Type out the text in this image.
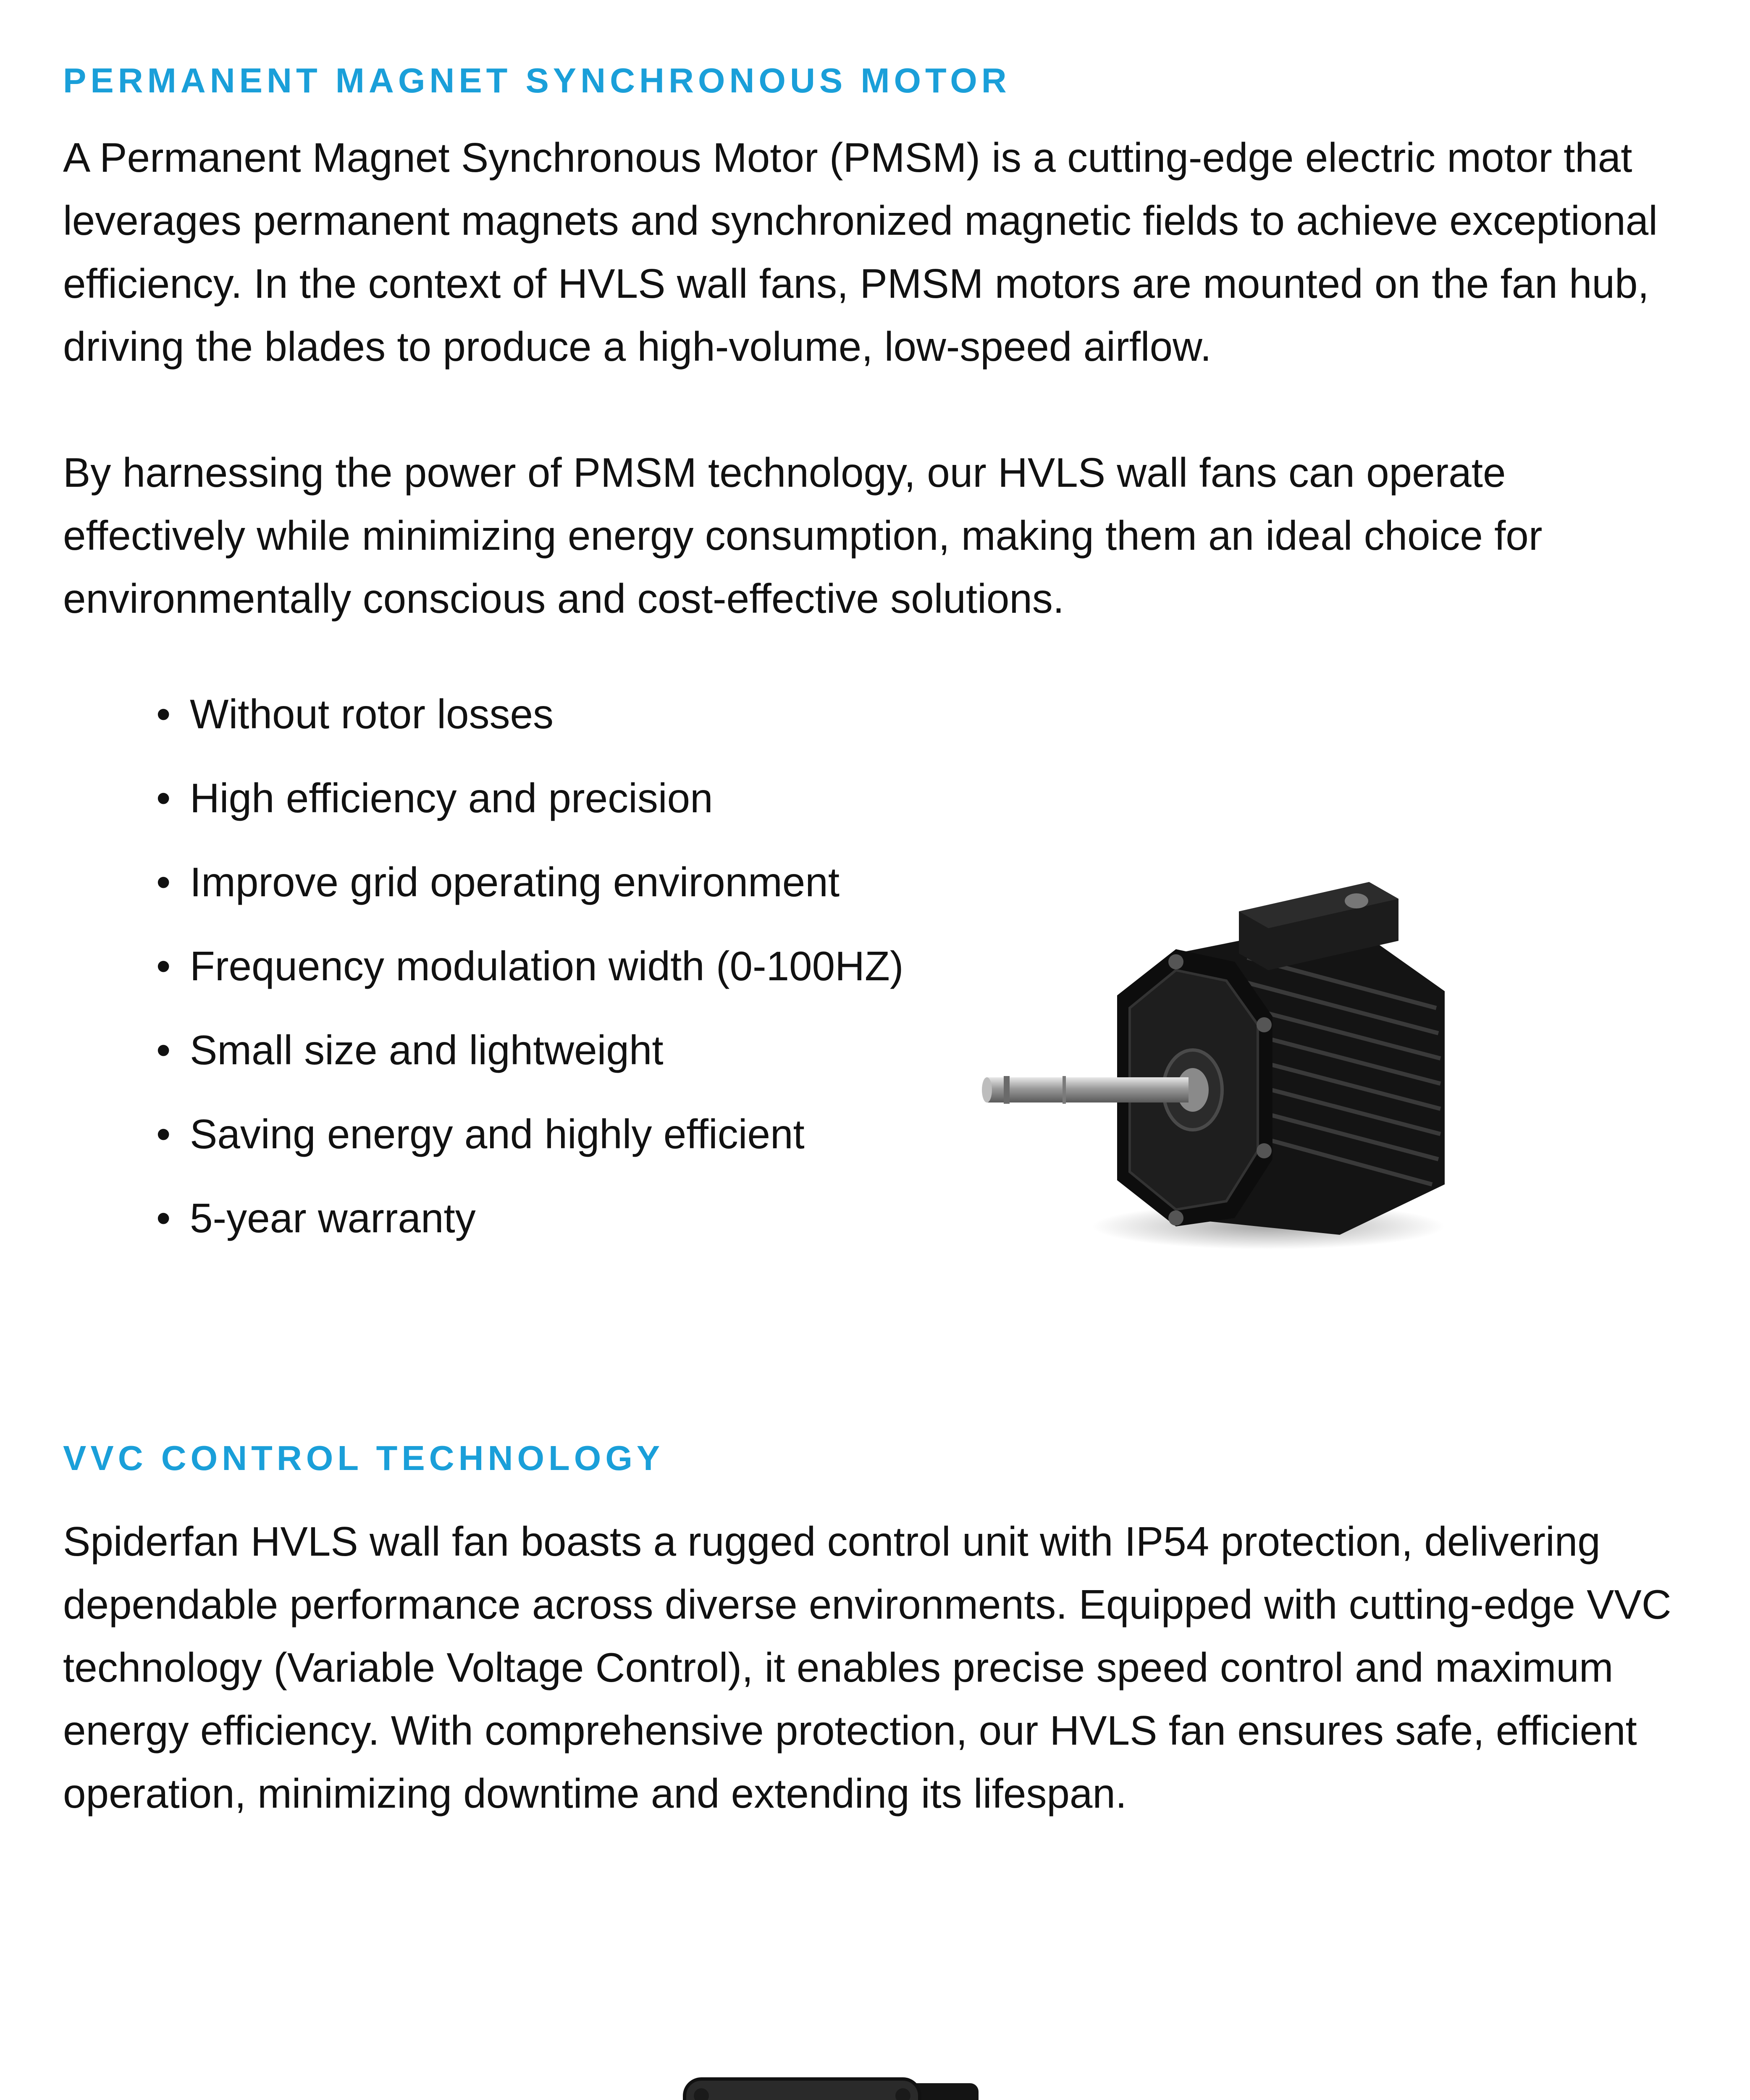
PERMANENT MAGNET SYNCHRONOUS MOTOR

A Permanent Magnet Synchronous Motor (PMSM) is a cutting-edge electric motor that leverages permanent magnets and synchronized magnetic fields to achieve exceptional efficiency. In the context of HVLS wall fans, PMSM motors are mounted on the fan hub, driving the blades to produce a high-volume, low-speed airflow.

By harnessing the power of PMSM technology, our HVLS wall fans can operate effectively while minimizing energy consumption, making them an ideal choice for environmentally conscious and cost-effective solutions.

• Without rotor losses
• High efficiency and precision
• Improve grid operating environment
• Frequency modulation width (0-100HZ)
• Small size and lightweight
• Saving energy and highly efficient
• 5-year warranty
VVC CONTROL TECHNOLOGY

Spiderfan HVLS wall fan boasts a rugged control unit with IP54 protection, delivering dependable performance across diverse environments. Equipped with cutting-edge VVC technology (Variable Voltage Control), it enables precise speed control and maximum energy efficiency. With comprehensive protection, our HVLS fan ensures safe, efficient operation, minimizing downtime and extending its lifespan.
